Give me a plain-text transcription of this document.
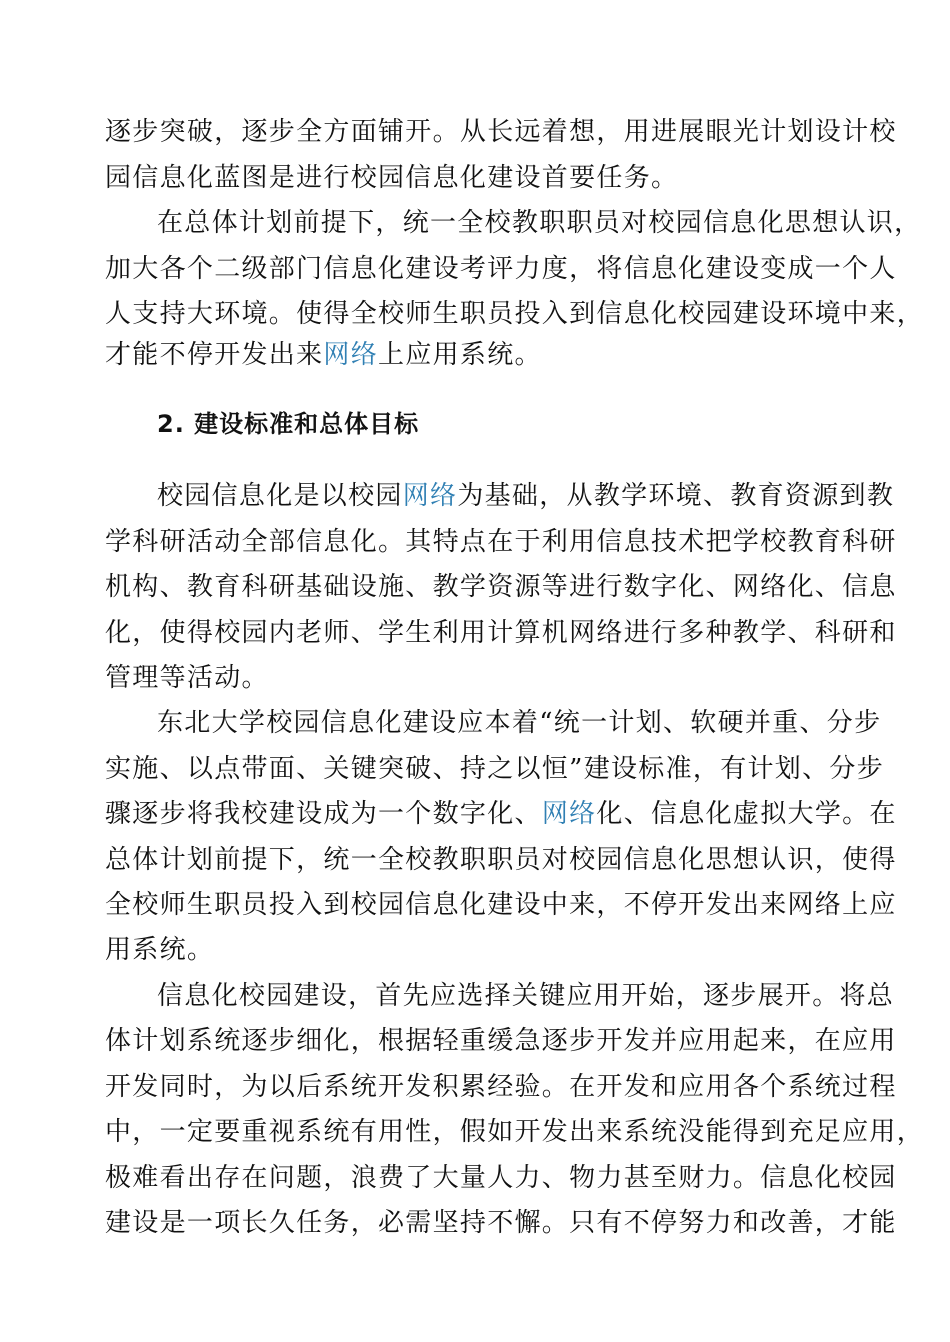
逐步突破，逐步全方面铺开。从长远着想，用进展眼光计划设计校
园信息化蓝图是进行校园信息化建设首要任务。
在总体计划前提下，统一全校教职职员对校园信息化思想认识，
加大各个二级部门信息化建设考评力度，将信息化建设变成一个人
人支持大环境。使得全校师生职员投入到信息化校园建设环境中来，
才能不停开发出来网络上应用系统。
2. 建设标准和总体目标
校园信息化是以校园网络为基础，从教学环境、教育资源到教
学科研活动全部信息化。其特点在于利用信息技术把学校教育科研
机构、教育科研基础设施、教学资源等进行数字化、网络化、信息
化，使得校园内老师、学生利用计算机网络进行多种教学、科研和
管理等活动。
东北大学校园信息化建设应本着“统一计划、软硬并重、分步
实施、以点带面、关键突破、持之以恒”建设标准，有计划、分步
骤逐步将我校建设成为一个数字化、网络化、信息化虚拟大学。在
总体计划前提下，统一全校教职职员对校园信息化思想认识，使得
全校师生职员投入到校园信息化建设中来，不停开发出来网络上应
用系统。
信息化校园建设，首先应选择关键应用开始，逐步展开。将总
体计划系统逐步细化，根据轻重缓急逐步开发并应用起来，在应用
开发同时，为以后系统开发积累经验。在开发和应用各个系统过程
中，一定要重视系统有用性，假如开发出来系统没能得到充足应用，
极难看出存在问题，浪费了大量人力、物力甚至财力。信息化校园
建设是一项长久任务，必需坚持不懈。只有不停努力和改善，才能
